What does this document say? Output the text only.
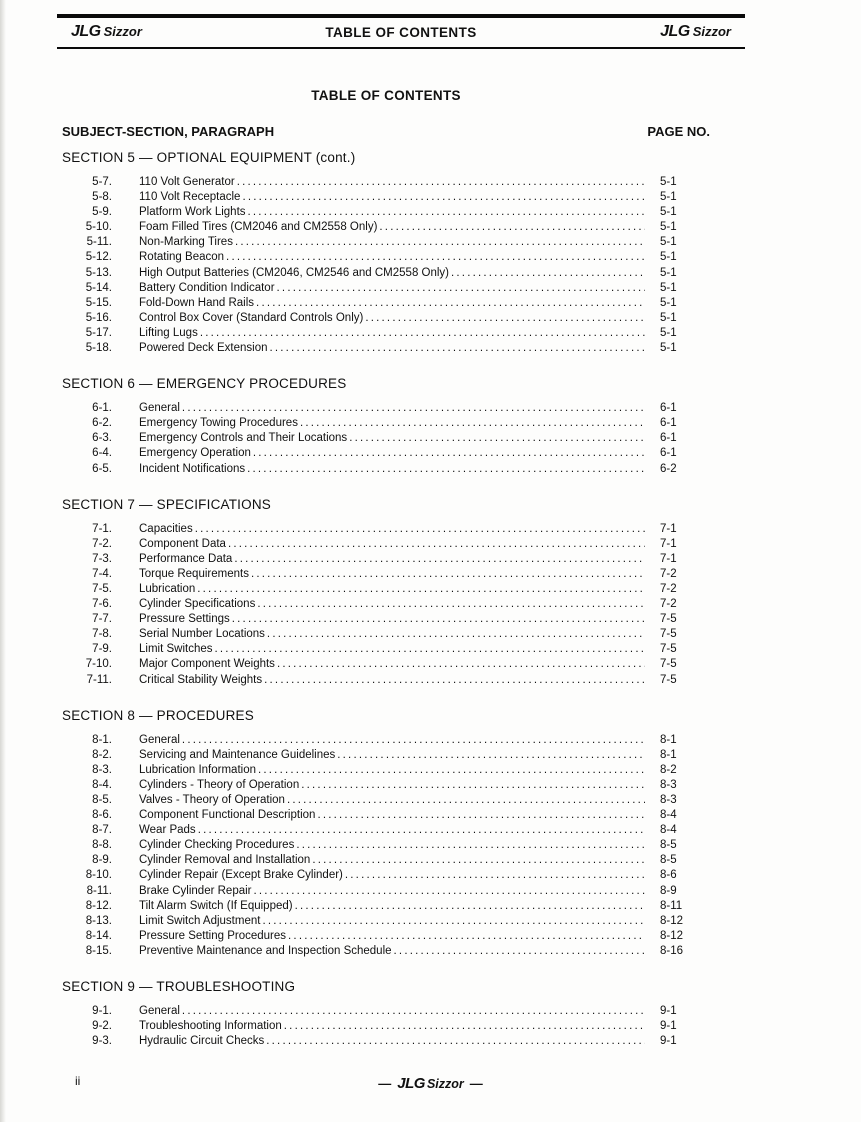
JLG Sizzor	TABLE OF CONTENTS	JLG Sizzor
TABLE OF CONTENTS
SUBJECT-SECTION, PARAGRAPH	PAGE NO.
SECTION 5 — OPTIONAL EQUIPMENT (cont.)
5-7. 110 Volt Generator .....	5-1
5-8. 110 Volt Receptacle .....	5-1
5-9. Platform Work Lights .....	5-1
5-10. Foam Filled Tires (CM2046 and CM2558 Only) .....	5-1
5-11. Non-Marking Tires .....	5-1
5-12. Rotating Beacon .....	5-1
5-13. High Output Batteries (CM2046, CM2546 and CM2558 Only) .....	5-1
5-14. Battery Condition Indicator .....	5-1
5-15. Fold-Down Hand Rails .....	5-1
5-16. Control Box Cover (Standard Controls Only) .....	5-1
5-17. Lifting Lugs .....	5-1
5-18. Powered Deck Extension .....	5-1
SECTION 6 — EMERGENCY PROCEDURES
6-1. General .....	6-1
6-2. Emergency Towing Procedures .....	6-1
6-3. Emergency Controls and Their Locations .....	6-1
6-4. Emergency Operation .....	6-1
6-5. Incident Notifications .....	6-2
SECTION 7 — SPECIFICATIONS
7-1. Capacities .....	7-1
7-2. Component Data .....	7-1
7-3. Performance Data .....	7-1
7-4. Torque Requirements .....	7-2
7-5. Lubrication .....	7-2
7-6. Cylinder Specifications .....	7-2
7-7. Pressure Settings .....	7-5
7-8. Serial Number Locations .....	7-5
7-9. Limit Switches .....	7-5
7-10. Major Component Weights .....	7-5
7-11. Critical Stability Weights .....	7-5
SECTION 8 — PROCEDURES
8-1. General .....	8-1
8-2. Servicing and Maintenance Guidelines .....	8-1
8-3. Lubrication Information .....	8-2
8-4. Cylinders - Theory of Operation .....	8-3
8-5. Valves - Theory of Operation .....	8-3
8-6. Component Functional Description .....	8-4
8-7. Wear Pads .....	8-4
8-8. Cylinder Checking Procedures .....	8-5
8-9. Cylinder Removal and Installation .....	8-5
8-10. Cylinder Repair (Except Brake Cylinder) .....	8-6
8-11. Brake Cylinder Repair .....	8-9
8-12. Tilt Alarm Switch (If Equipped) .....	8-11
8-13. Limit Switch Adjustment .....	8-12
8-14. Pressure Setting Procedures .....	8-12
8-15. Preventive Maintenance and Inspection Schedule .....	8-16
SECTION 9 — TROUBLESHOOTING
9-1. General .....	9-1
9-2. Troubleshooting Information .....	9-1
9-3. Hydraulic Circuit Checks .....	9-1
ii	— JLG Sizzor —
